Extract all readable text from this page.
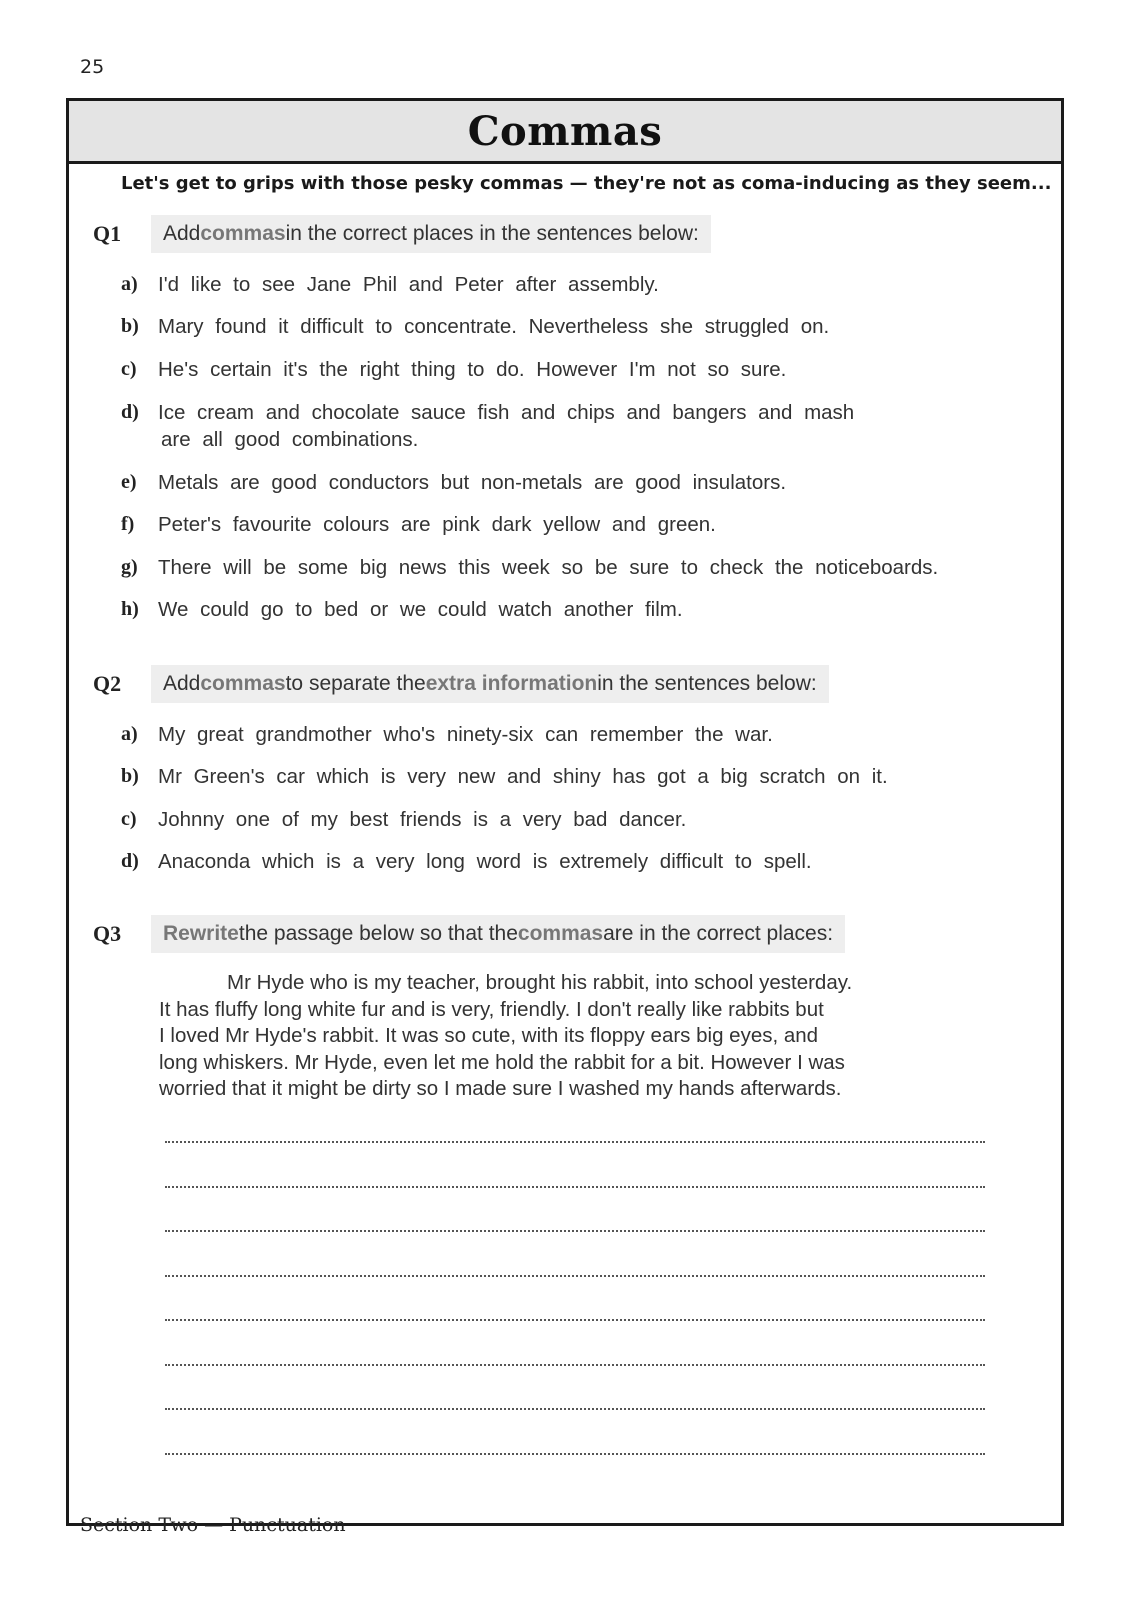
25
Commas
Let's get to grips with those pesky commas — they're not as coma-inducing as they seem...
Q1 Add commas in the correct places in the sentences below:
a) I'd like to see Jane Phil and Peter after assembly.
b) Mary found it difficult to concentrate. Nevertheless she struggled on.
c) He's certain it's the right thing to do. However I'm not so sure.
d) Ice cream and chocolate sauce fish and chips and bangers and mash
are all good combinations.
e) Metals are good conductors but non-metals are good insulators.
f) Peter's favourite colours are pink dark yellow and green.
g) There will be some big news this week so be sure to check the noticeboards.
h) We could go to bed or we could watch another film.
Q2 Add commas to separate the extra information in the sentences below:
a) My great grandmother who's ninety-six can remember the war.
b) Mr Green's car which is very new and shiny has got a big scratch on it.
c) Johnny one of my best friends is a very bad dancer.
d) Anaconda which is a very long word is extremely difficult to spell.
Q3 Rewrite the passage below so that the commas are in the correct places:
Mr Hyde who is my teacher, brought his rabbit, into school yesterday.
It has fluffy long white fur and is very, friendly. I don't really like rabbits but
I loved Mr Hyde's rabbit. It was so cute, with its floppy ears big eyes, and
long whiskers. Mr Hyde, even let me hold the rabbit for a bit. However I was
worried that it might be dirty so I made sure I washed my hands afterwards.
Section Two — Punctuation
